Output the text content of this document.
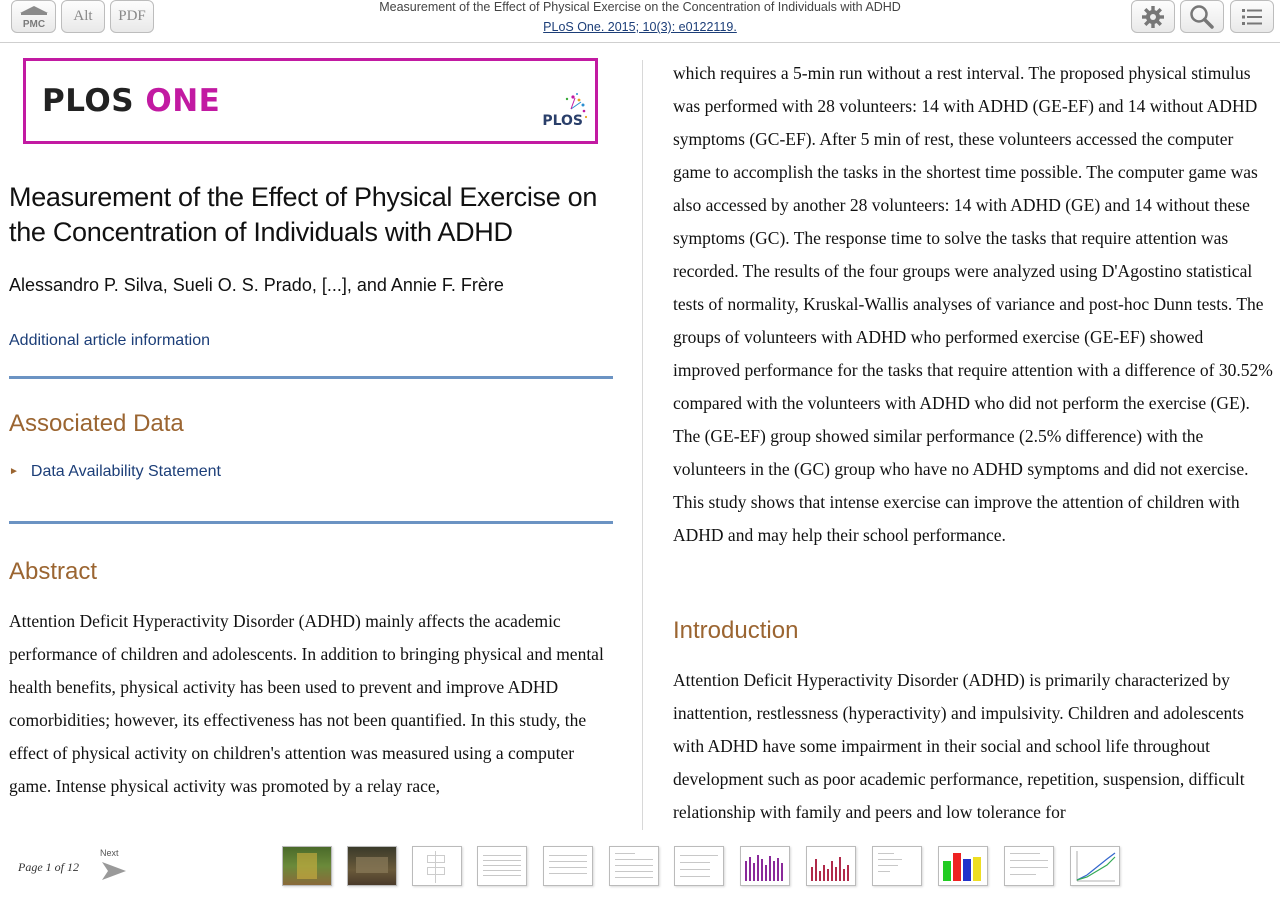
PMC	Alt	PDF
Measurement of the Effect of Physical Exercise on the Concentration of Individuals with ADHD
PLoS One. 2015; 10(3): e0122119.
PLOS ONE
PLOS
Measurement of the Effect of Physical Exercise on the Concentration of Individuals with ADHD
Alessandro P. Silva, Sueli O. S. Prado, [...], and Annie F. Frère
Additional article information
Associated Data
► Data Availability Statement
Abstract
Attention Deficit Hyperactivity Disorder (ADHD) mainly affects the academic performance of children and adolescents. In addition to bringing physical and mental health benefits, physical activity has been used to prevent and improve ADHD comorbidities; however, its effectiveness has not been quantified. In this study, the effect of physical activity on children's attention was measured using a computer game. Intense physical activity was promoted by a relay race,
which requires a 5-min run without a rest interval. The proposed physical stimulus was performed with 28 volunteers: 14 with ADHD (GE-EF) and 14 without ADHD symptoms (GC-EF). After 5 min of rest, these volunteers accessed the computer game to accomplish the tasks in the shortest time possible. The computer game was also accessed by another 28 volunteers: 14 with ADHD (GE) and 14 without these symptoms (GC). The response time to solve the tasks that require attention was recorded. The results of the four groups were analyzed using D'Agostino statistical tests of normality, Kruskal-Wallis analyses of variance and post-hoc Dunn tests. The groups of volunteers with ADHD who performed exercise (GE-EF) showed improved performance for the tasks that require attention with a difference of 30.52% compared with the volunteers with ADHD who did not perform the exercise (GE). The (GE-EF) group showed similar performance (2.5% difference) with the volunteers in the (GC) group who have no ADHD symptoms and did not exercise. This study shows that intense exercise can improve the attention of children with ADHD and may help their school performance.
Introduction
Attention Deficit Hyperactivity Disorder (ADHD) is primarily characterized by inattention, restlessness (hyperactivity) and impulsivity. Children and adolescents with ADHD have some impairment in their social and school life throughout development such as poor academic performance, repetition, suspension, difficult relationship with family and peers and low tolerance for
Page 1 of 12
Next
